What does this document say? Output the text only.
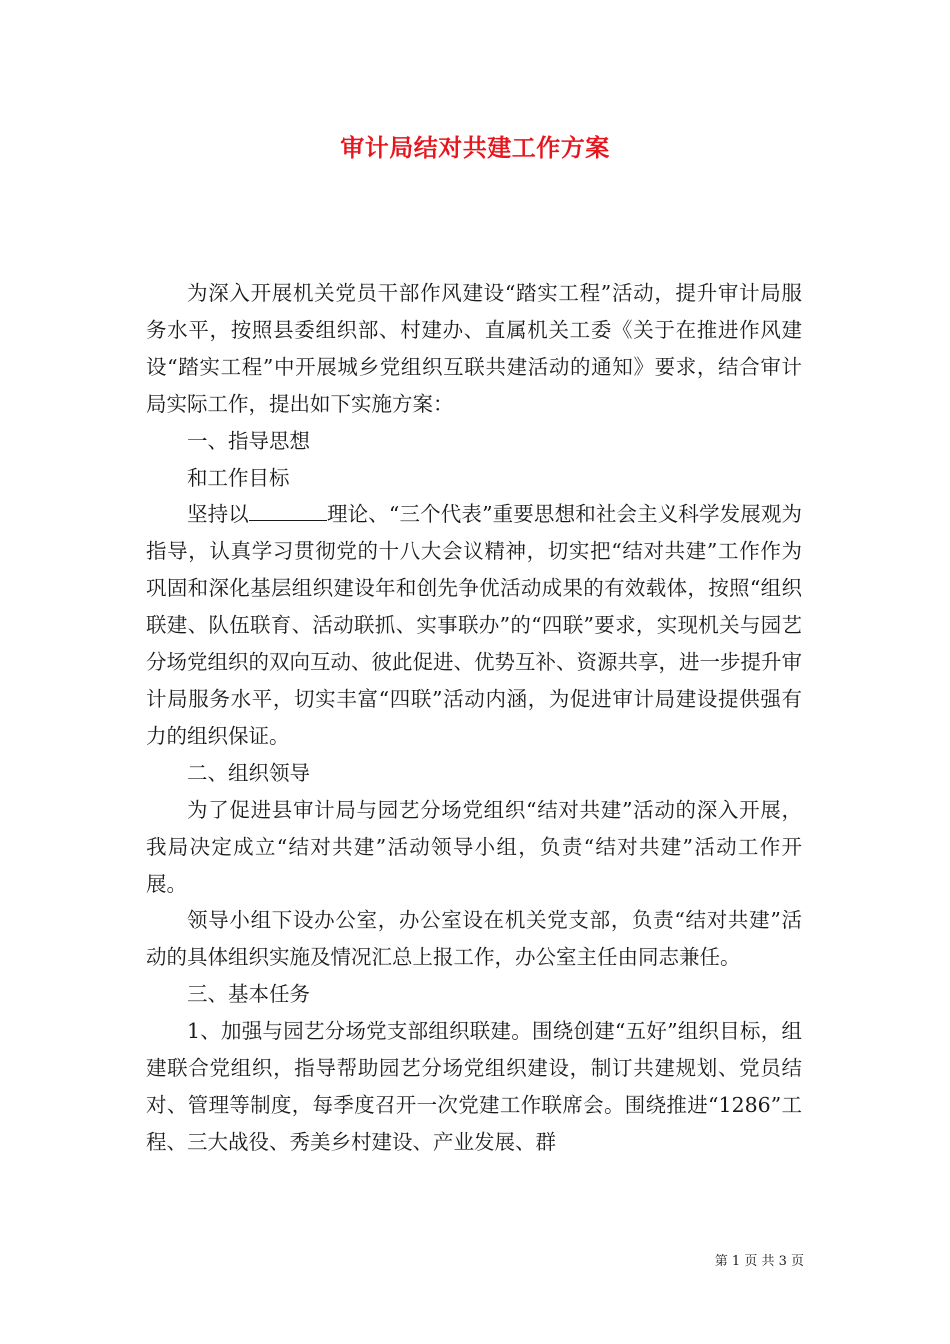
审计局结对共建工作方案

为深入开展机关党员干部作风建设“踏实工程”活动，提升审计局服务水平，按照县委组织部、村建办、直属机关工委《关于在推进作风建设“踏实工程”中开展城乡党组织互联共建活动的通知》要求，结合审计局实际工作，提出如下实施方案：

一、指导思想

和工作目标

坚持以	理论、“三个代表”重要思想和社会主义科学发展观为指导，认真学习贯彻党的十八大会议精神，切实把“结对共建”工作作为巩固和深化基层组织建设年和创先争优活动成果的有效载体，按照“组织联建、队伍联育、活动联抓、实事联办”的“四联”要求，实现机关与园艺分场党组织的双向互动、彼此促进、优势互补、资源共享，进一步提升审计局服务水平，切实丰富“四联”活动内涵，为促进审计局建设提供强有力的组织保证。

二、组织领导

为了促进县审计局与园艺分场党组织“结对共建”活动的深入开展，我局决定成立“结对共建”活动领导小组，负责“结对共建”活动工作开展。

领导小组下设办公室，办公室设在机关党支部，负责“结对共建”活动的具体组织实施及情况汇总上报工作，办公室主任由同志兼任。

三、基本任务

1、加强与园艺分场党支部组织联建。围绕创建“五好”组织目标，组建联合党组织，指导帮助园艺分场党组织建设，制订共建规划、党员结对、管理等制度，每季度召开一次党建工作联席会。围绕推进“1286”工程、三大战役、秀美乡村建设、产业发展、群

第 1 页 共 3 页
